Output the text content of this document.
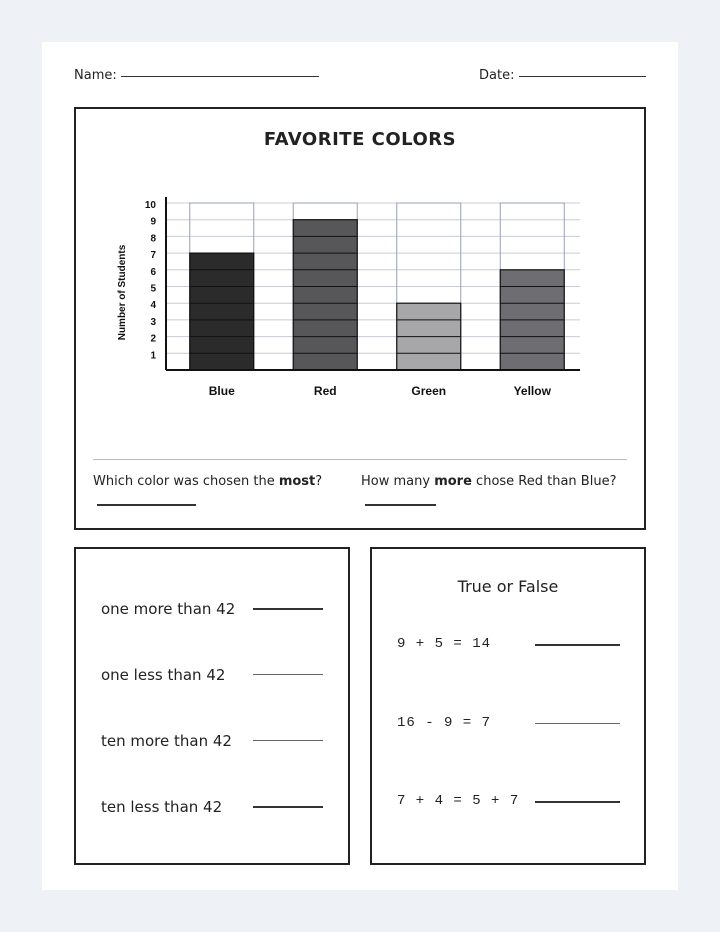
Name:	Date:
FAVORITE COLORS
1
2
3
4
5
6
7
8
9
10
Blue	Red	Green	Yellow
Number of Students
Which color was chosen the most?	How many more chose Red than Blue?
one more than 42
one less than 42
ten more than 42
ten less than 42
True or False
9 + 5 = 14
16 - 9 = 7
7 + 4 = 5 + 7
